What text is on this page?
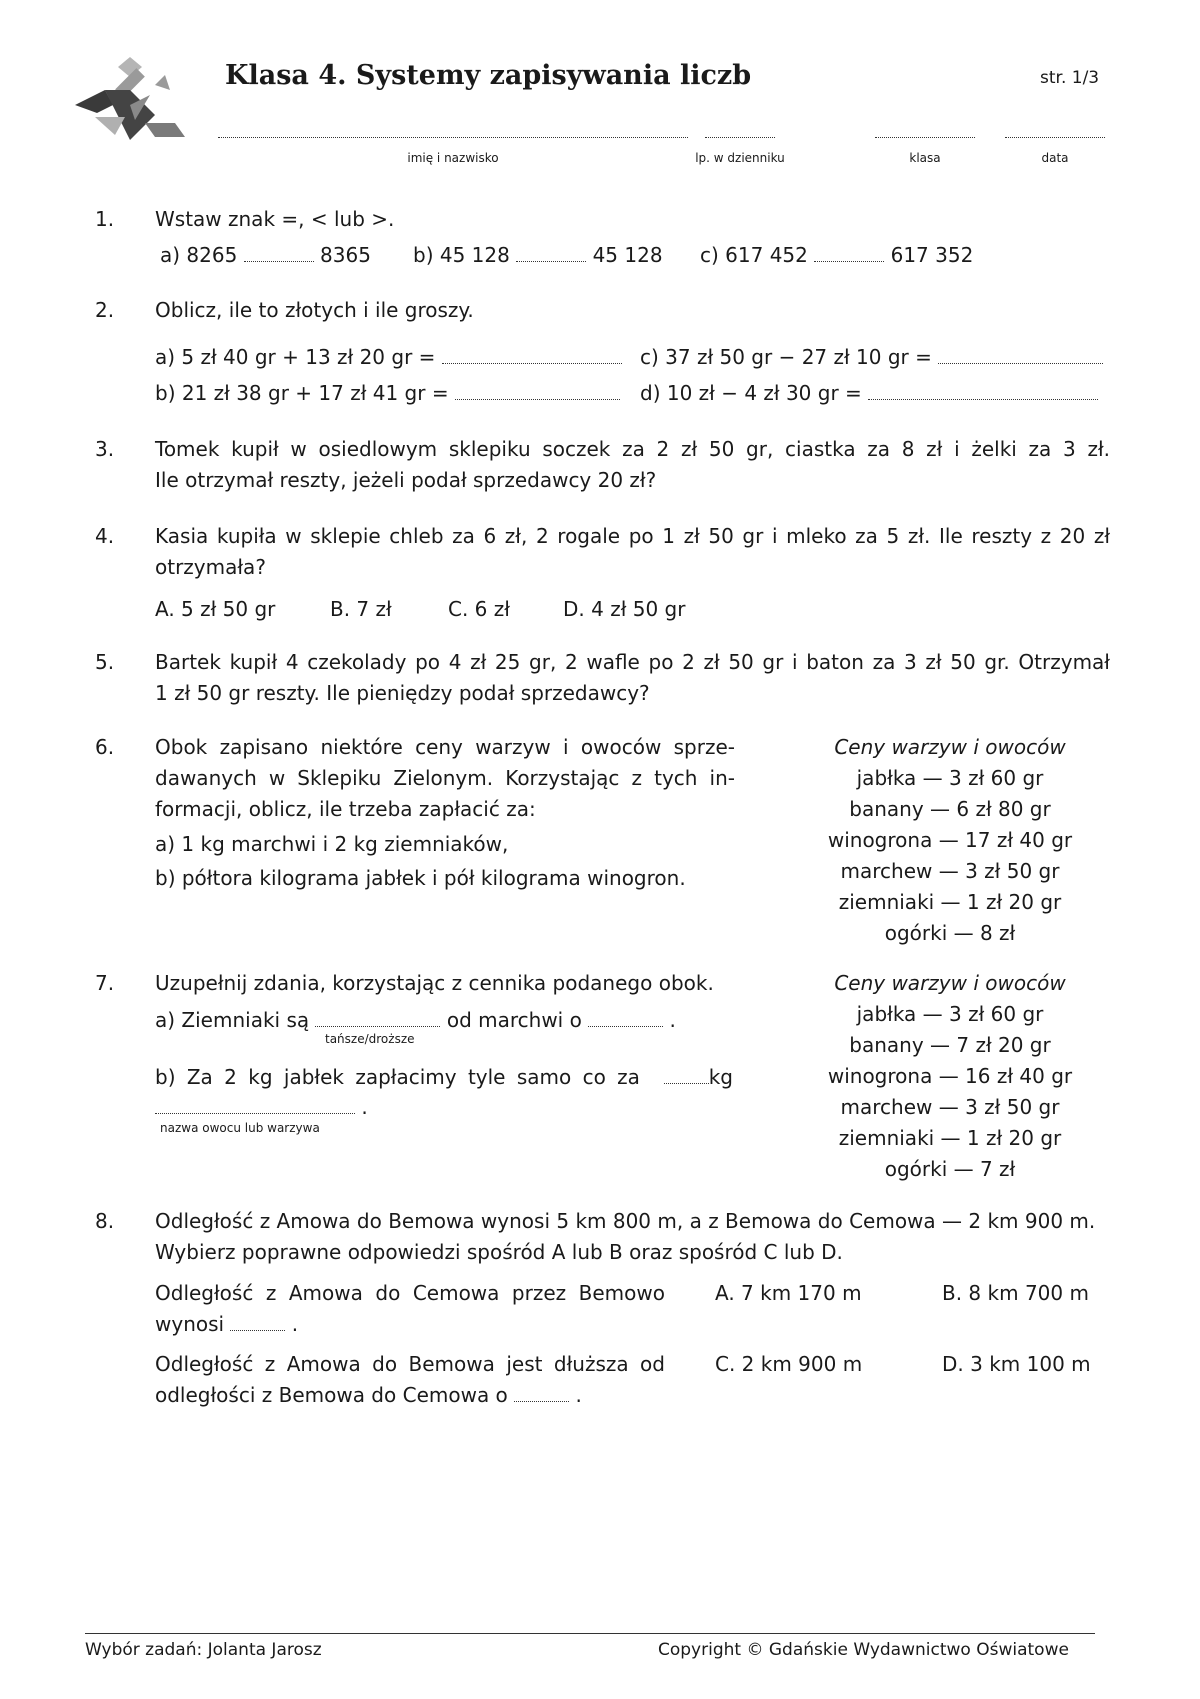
Klasa 4. Systemy zapisywania liczb	str. 1/3
imię i nazwisko	lp. w dzienniku	klasa	data
1. Wstaw znak =, < lub >.
a) 8265	8365 b) 45 128	45 128 c) 617 452	617 352
2. Oblicz, ile to złotych i ile groszy.
a) 5 zł 40 gr + 13 zł 20 gr =
b) 21 zł 38 gr + 17 zł 41 gr =
c) 37 zł 50 gr − 27 zł 10 gr =
d) 10 zł − 4 zł 30 gr =
3. Tomek kupił w osiedlowym sklepiku soczek za 2 zł 50 gr, ciastka za 8 zł i żelki za 3 zł.
Ile otrzymał reszty, jeżeli podał sprzedawcy 20 zł?
4. Kasia kupiła w sklepie chleb za 6 zł, 2 rogale po 1 zł 50 gr i mleko za 5 zł. Ile reszty z 20 zł
otrzymała?
A. 5 zł 50 gr	B. 7 zł	C. 6 zł	D. 4 zł 50 gr
5. Bartek kupił 4 czekolady po 4 zł 25 gr, 2 wafle po 2 zł 50 gr i baton za 3 zł 50 gr. Otrzymał
1 zł 50 gr reszty. Ile pieniędzy podał sprzedawcy?
6. Obok zapisano niektóre ceny warzyw i owoców sprze-
dawanych w Sklepiku Zielonym. Korzystając z tych in-
formacji, oblicz, ile trzeba zapłacić za:
a) 1 kg marchwi i 2 kg ziemniaków,
b) półtora kilograma jabłek i pół kilograma winogron.
Ceny warzyw i owoców
jabłka — 3 zł 60 gr
banany — 6 zł 80 gr
winogrona — 17 zł 40 gr
marchew — 3 zł 50 gr
ziemniaki — 1 zł 20 gr
ogórki — 8 zł
7. Uzupełnij zdania, korzystając z cennika podanego obok.
a) Ziemniaki są	od marchwi o	.
tańsze/droższe
b) Za 2 kg jabłek zapłacimy tyle samo co za	kg
.
nazwa owocu lub warzywa
Ceny warzyw i owoców
jabłka — 3 zł 60 gr
banany — 7 zł 20 gr
winogrona — 16 zł 40 gr
marchew — 3 zł 50 gr
ziemniaki — 1 zł 20 gr
ogórki — 7 zł
8. Odległość z Amowa do Bemowa wynosi 5 km 800 m, a z Bemowa do Cemowa — 2 km 900 m.
Wybierz poprawne odpowiedzi spośród A lub B oraz spośród C lub D.
Odległość z Amowa do Cemowa przez Bemowo
wynosi	.
A. 7 km 170 m	B. 8 km 700 m
Odległość z Amowa do Bemowa jest dłuższa od
odległości z Bemowa do Cemowa o	.
C. 2 km 900 m	D. 3 km 100 m
Wybór zadań: Jolanta Jarosz	Copyright © Gdańskie Wydawnictwo Oświatowe
